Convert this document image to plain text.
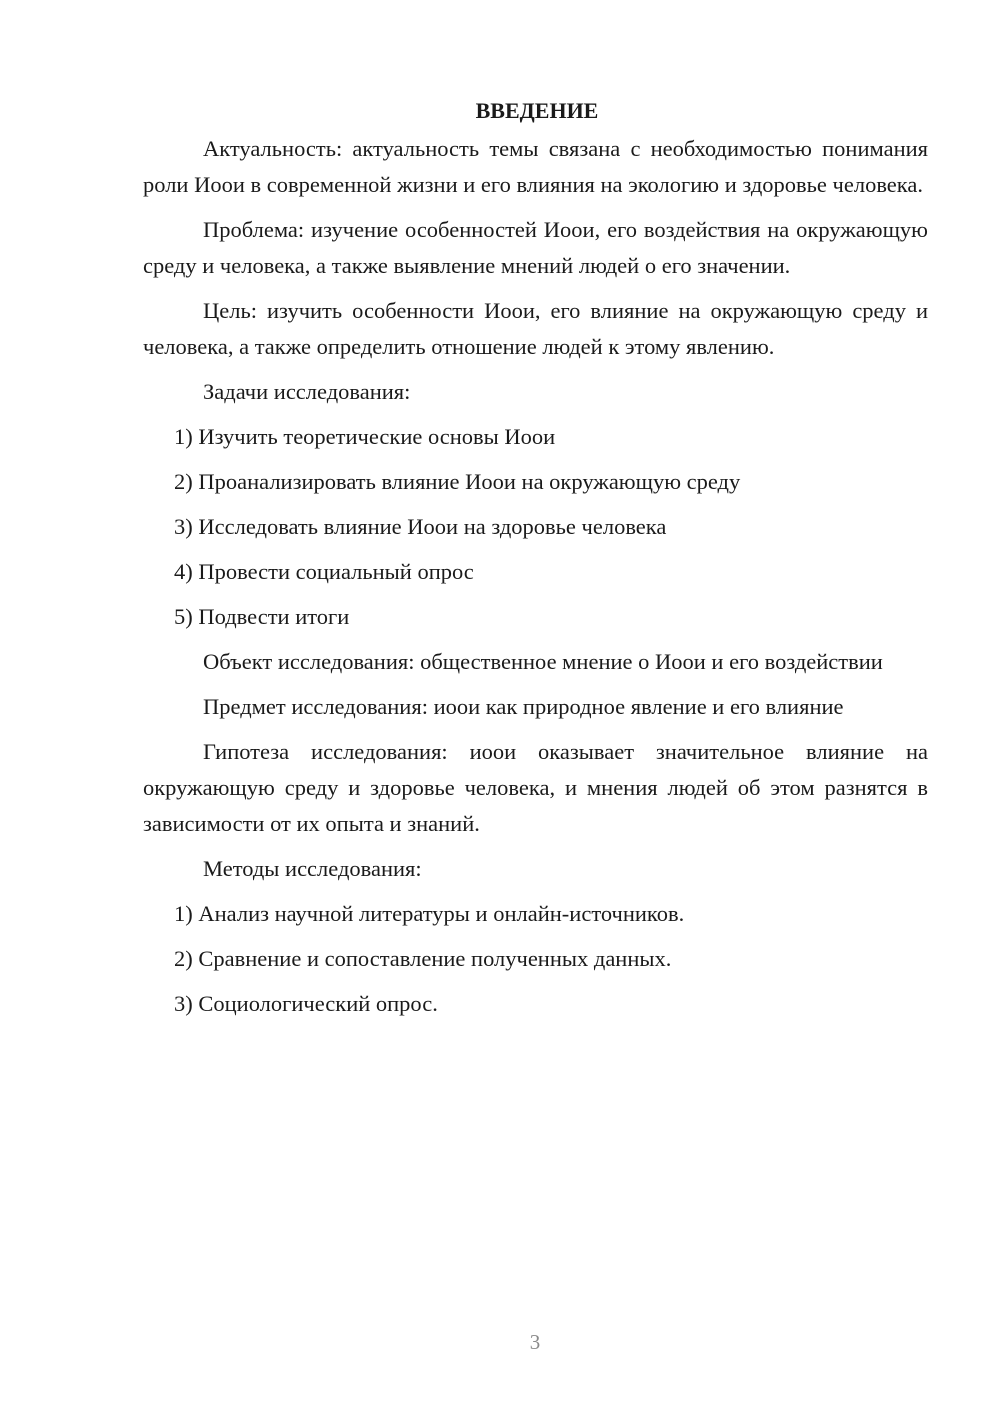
ВВЕДЕНИЕ

Актуальность: актуальность темы связана с необходимостью понимания роли Иоои в современной жизни и его влияния на экологию и здоровье человека.

Проблема: изучение особенностей Иоои, его воздействия на окружающую среду и человека, а также выявление мнений людей о его значении.

Цель: изучить особенности Иоои, его влияние на окружающую среду и человека, а также определить отношение людей к этому явлению.

Задачи исследования:

1) Изучить теоретические основы Иоои
2) Проанализировать влияние Иоои на окружающую среду
3) Исследовать влияние Иоои на здоровье человека
4) Провести социальный опрос
5) Подвести итоги

Объект исследования: общественное мнение о Иоои и его воздействии

Предмет исследования: иоои как природное явление и его влияние

Гипотеза исследования: иоои оказывает значительное влияние на окружающую среду и здоровье человека, и мнения людей об этом разнятся в зависимости от их опыта и знаний.

Методы исследования:

1) Анализ научной литературы и онлайн-источников.
2) Сравнение и сопоставление полученных данных.
3) Социологический опрос.
3
